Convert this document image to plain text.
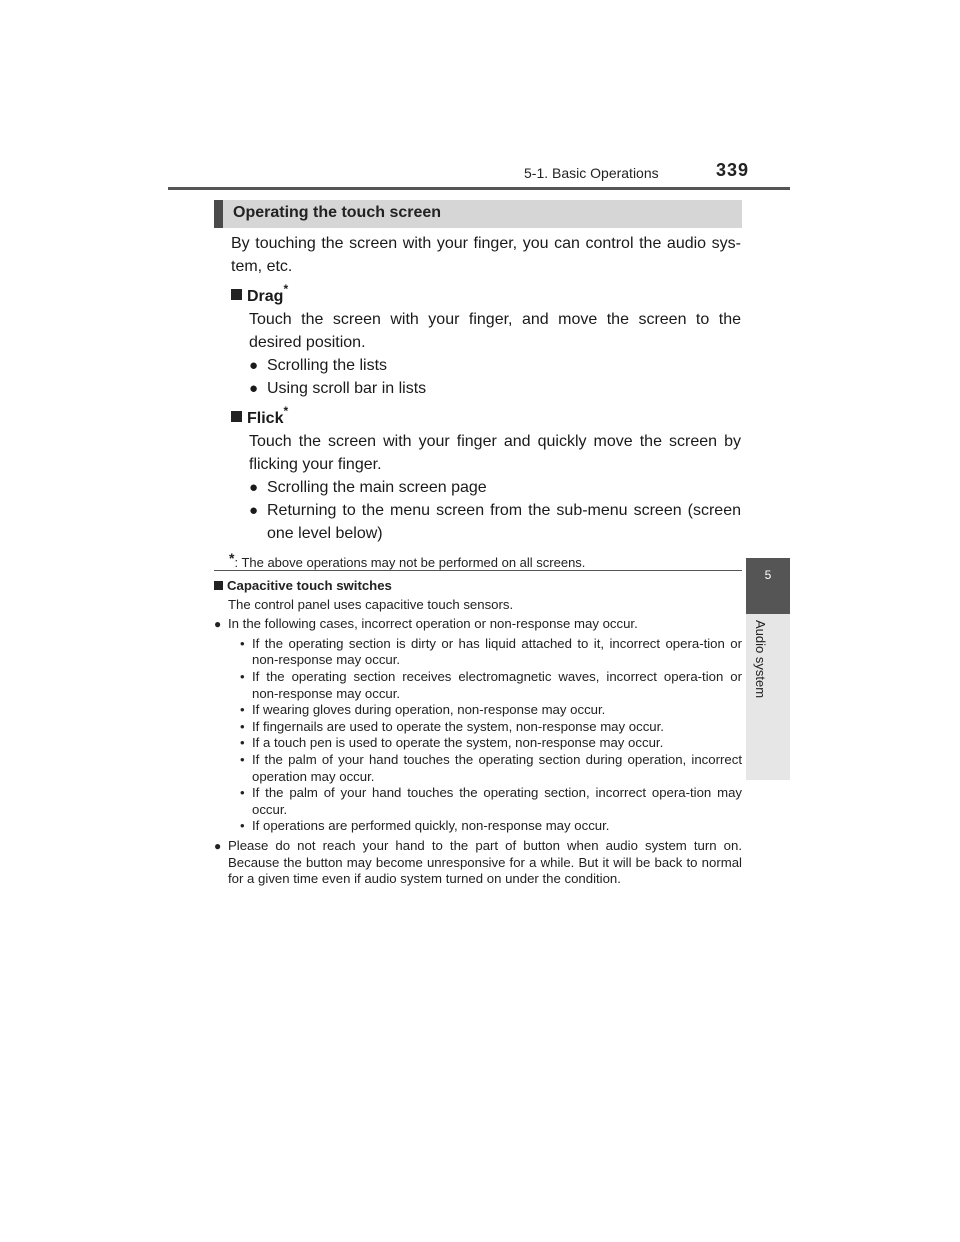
5-1. Basic Operations	339
5
Audio system
Operating the touch screen

By touching the screen with your finger, you can control the audio sys-tem, etc.

Drag*

Touch the screen with your finger, and move the screen to the desired position.

● Scrolling the lists
● Using scroll bar in lists
Flick*

Touch the screen with your finger and quickly move the screen by flicking your finger.

● Scrolling the main screen page
● Returning to the menu screen from the sub-menu screen (screen one level below)

*: The above operations may not be performed on all screens.

Capacitive touch switches
The control panel uses capacitive touch sensors.
● In the following cases, incorrect operation or non-response may occur.
• If the operating section is dirty or has liquid attached to it, incorrect opera-tion or non-response may occur.
• If the operating section receives electromagnetic waves, incorrect opera-tion or non-response may occur.
• If wearing gloves during operation, non-response may occur.
• If fingernails are used to operate the system, non-response may occur.
• If a touch pen is used to operate the system, non-response may occur.
• If the palm of your hand touches the operating section during operation, incorrect operation may occur.
• If the palm of your hand touches the operating section, incorrect opera-tion may occur.
• If operations are performed quickly, non-response may occur.
● Please do not reach your hand to the part of button when audio system turn on. Because the button may become unresponsive for a while. But it will be back to normal for a given time even if audio system turned on under the condition.
